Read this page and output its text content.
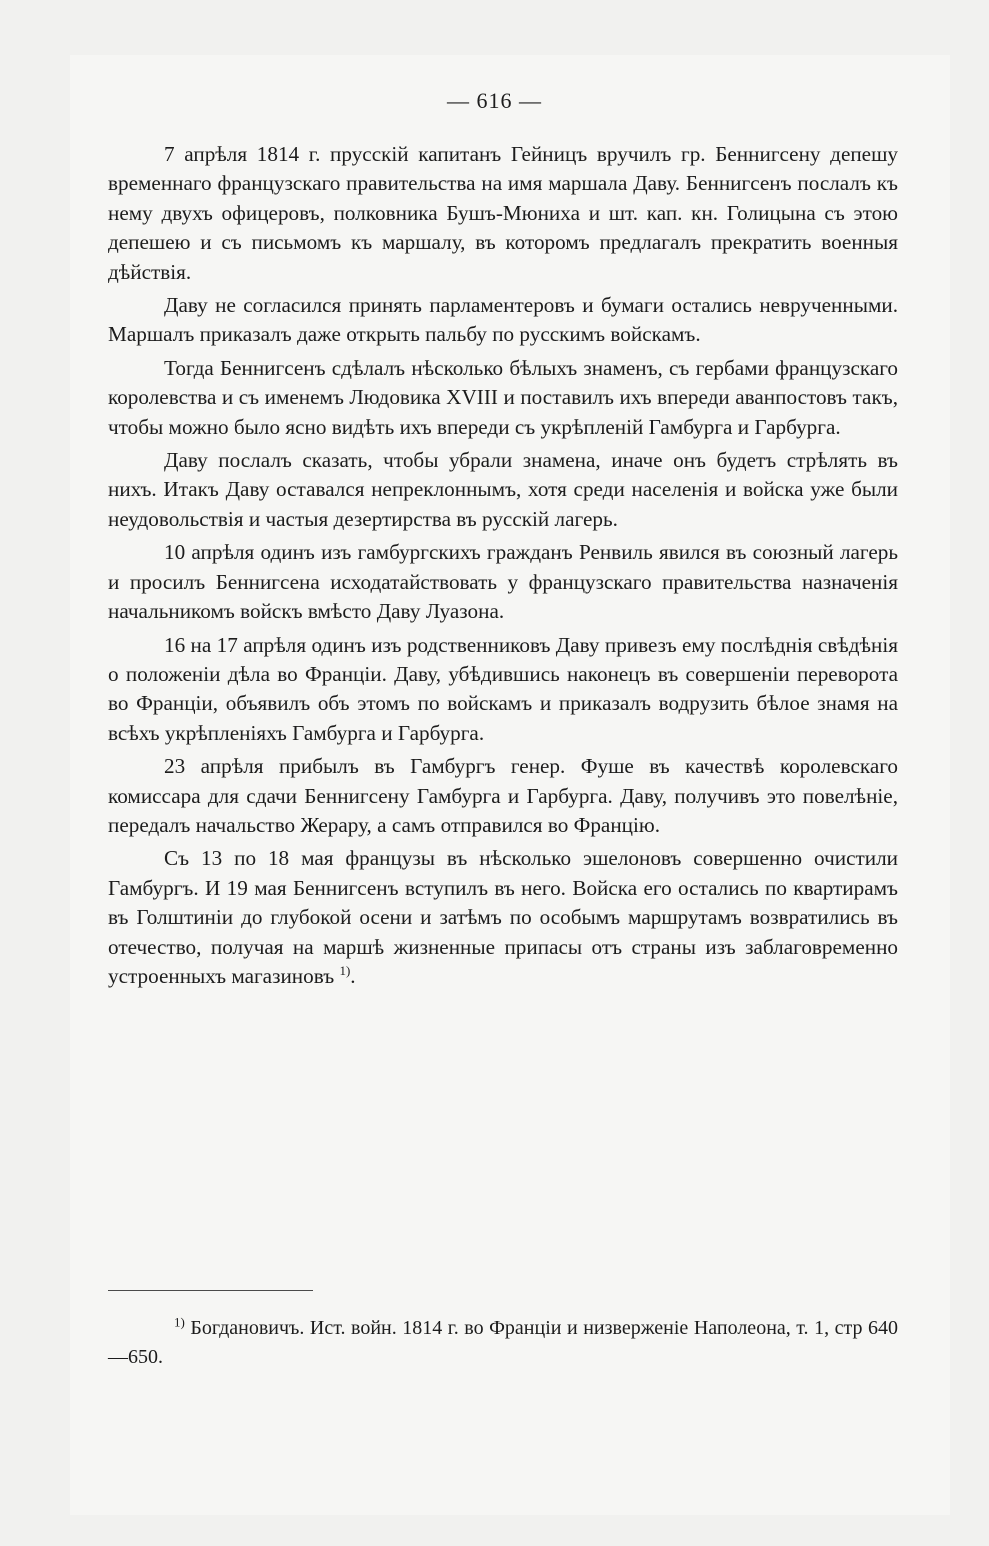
— 616 —

7 апрѣля 1814 г. прусскій капитанъ Гейницъ вручилъ гр. Беннигсену депешу временнаго французскаго правительства на имя маршала Даву. Беннигсенъ послалъ къ нему двухъ офицеровъ, полковника Бушъ-Мюниха и шт. кап. кн. Голицына съ этою депешею и съ письмомъ къ маршалу, въ которомъ предлагалъ прекратить военныя дѣйствія.

Даву не согласился принять парламентеровъ и бумаги остались неврученными. Маршалъ приказалъ даже открыть пальбу по русскимъ войскамъ.

Тогда Беннигсенъ сдѣлалъ нѣсколько бѣлыхъ знаменъ, съ гербами французскаго королевства и съ именемъ Людовика XVIII и поставилъ ихъ впереди аванпостовъ такъ, чтобы можно было ясно видѣть ихъ впереди съ укрѣпленій Гамбурга и Гарбурга.

Даву послалъ сказать, чтобы убрали знамена, иначе онъ будетъ стрѣлять въ нихъ. Итакъ Даву оставался непреклоннымъ, хотя среди населенія и войска уже были неудовольствія и частыя дезертирства въ русскій лагерь.

10 апрѣля одинъ изъ гамбургскихъ гражданъ Ренвиль явился въ союзный лагерь и просилъ Беннигсена исходатайствовать у французскаго правительства назначенія начальникомъ войскъ вмѣсто Даву Луазона.

16 на 17 апрѣля одинъ изъ родственниковъ Даву привезъ ему послѣднія свѣдѣнія о положеніи дѣла во Франціи. Даву, убѣдившись наконецъ въ совершеніи переворота во Франціи, объявилъ объ этомъ по войскамъ и приказалъ водрузить бѣлое знамя на всѣхъ укрѣпленіяхъ Гамбурга и Гарбурга.

23 апрѣля прибылъ въ Гамбургъ генер. Фуше въ качествѣ королевскаго комиссара для сдачи Беннигсену Гамбурга и Гарбурга. Даву, получивъ это повелѣніе, передалъ начальство Жерару, а самъ отправился во Францію.

Съ 13 по 18 мая французы въ нѣсколько эшелоновъ совершенно очистили Гамбургъ. И 19 мая Беннигсенъ вступилъ въ него. Войска его остались по квартирамъ въ Голштиніи до глубокой осени и затѣмъ по особымъ маршрутамъ возвратились въ отечество, получая на маршѣ жизненные припасы отъ страны изъ заблаговременно устроенныхъ магазиновъ $^{1)}$.

$^{1)}$ Богдановичъ. Ист. войн. 1814 г. во Франціи и низверженіе Наполеона, т. 1, стр 640—650.
